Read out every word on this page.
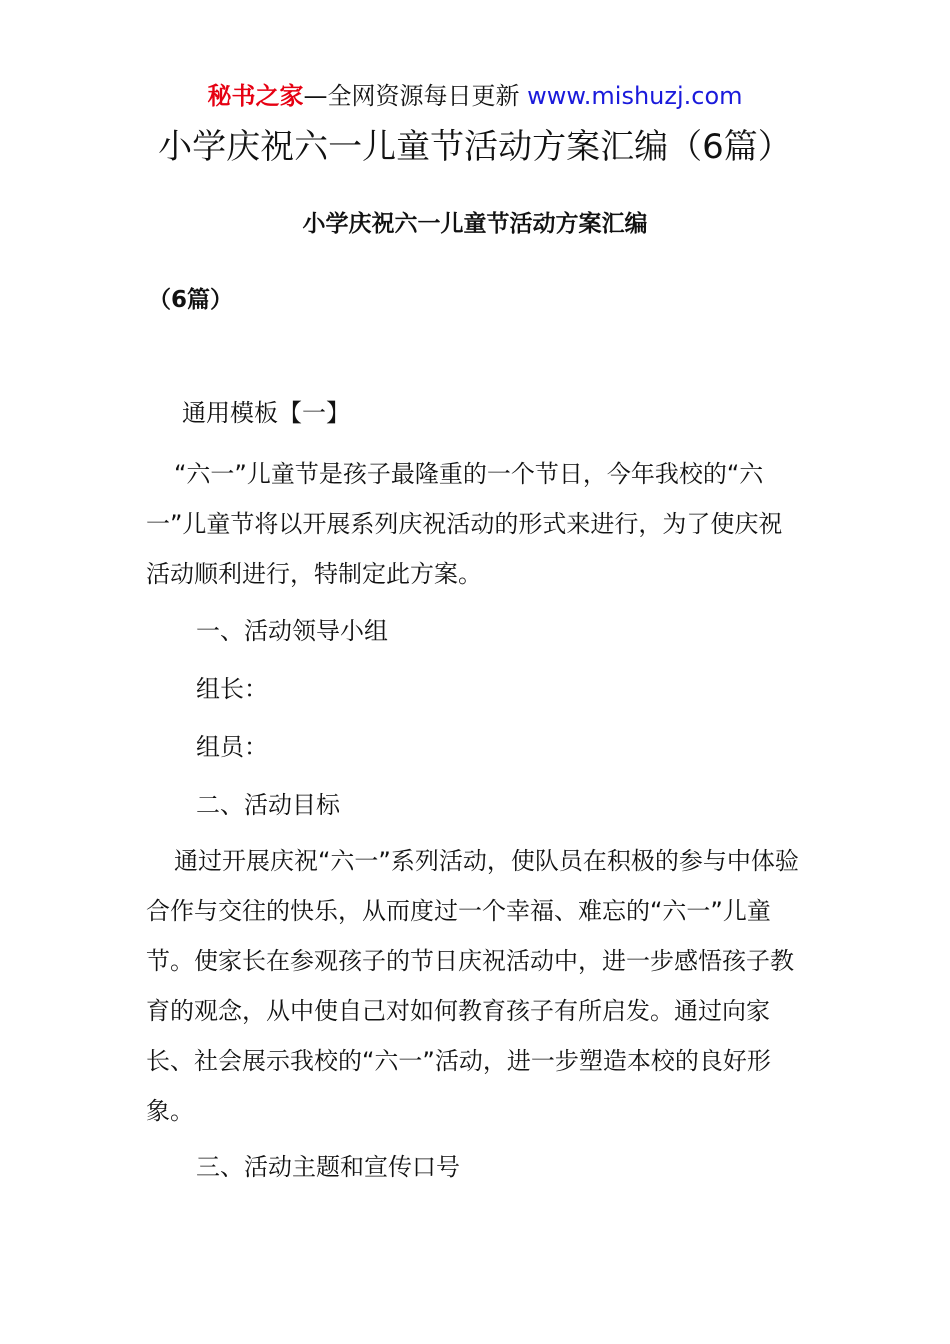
秘书之家—全网资源每日更新 www.mishuzj.com
小学庆祝六一儿童节活动方案汇编（6篇）
小学庆祝六一儿童节活动方案汇编
（6篇）
通用模板【一】
“六一”儿童节是孩子最隆重的一个节日，今年我校的“六一”儿童节将以开展系列庆祝活动的形式来进行，为了使庆祝活动顺利进行，特制定此方案。
一、活动领导小组
组长：
组员：
二、活动目标
通过开展庆祝“六一”系列活动，使队员在积极的参与中体验合作与交往的快乐，从而度过一个幸福、难忘的“六一”儿童节。使家长在参观孩子的节日庆祝活动中，进一步感悟孩子教育的观念，从中使自己对如何教育孩子有所启发。通过向家长、社会展示我校的“六一”活动，进一步塑造本校的良好形象。
三、活动主题和宣传口号
